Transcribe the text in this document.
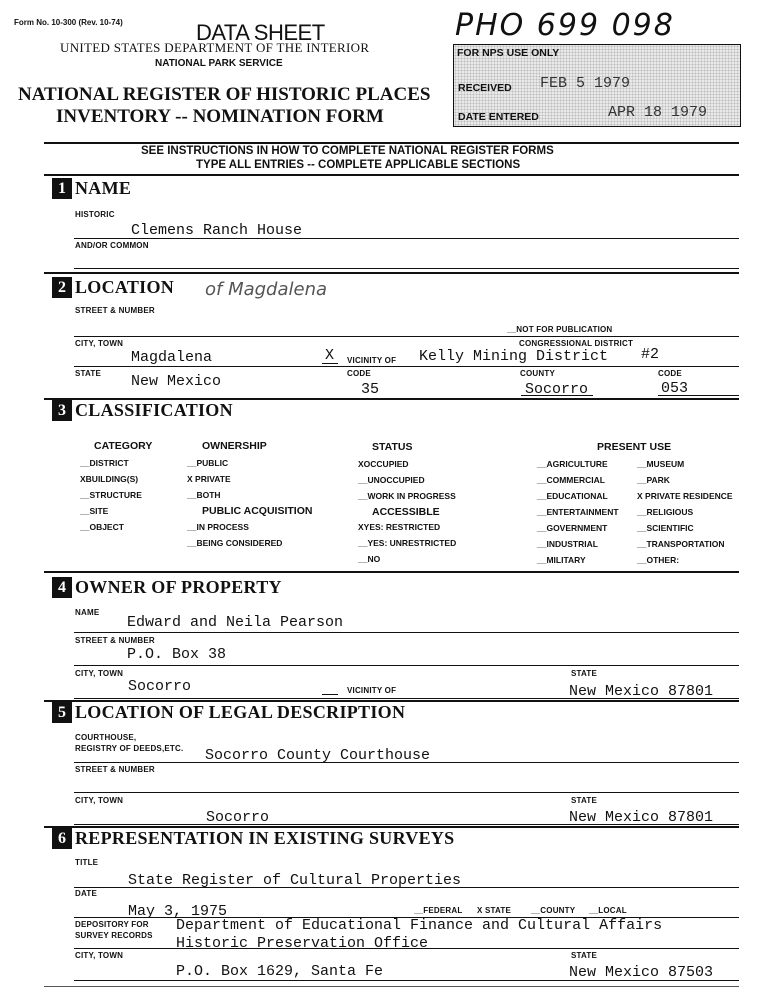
Form No. 10-300 (Rev. 10-74)	PHO 699 098
DATA SHEET
UNITED STATES DEPARTMENT OF THE INTERIOR
NATIONAL PARK SERVICE
NATIONAL REGISTER OF HISTORIC PLACES
INVENTORY -- NOMINATION FORM
FOR NPS USE ONLY
RECEIVED FEB 5 1979
DATE ENTERED	APR 18 1979
SEE INSTRUCTIONS IN HOW TO COMPLETE NATIONAL REGISTER FORMS
TYPE ALL ENTRIES -- COMPLETE APPLICABLE SECTIONS
1 NAME
HISTORIC
Clemens Ranch House
AND/OR COMMON
2 LOCATION of Magdalena
STREET & NUMBER
__NOT FOR PUBLICATION
CITY, TOWN	CONGRESSIONAL DISTRICT
Magdalena	X VICINITY OF Kelly Mining District #2
STATE	CODE	COUNTY	CODE
New Mexico	35	Socorro	053
3 CLASSIFICATION
CATEGORY
__DISTRICT
XBUILDING(S)
__STRUCTURE
__SITE
__OBJECT
OWNERSHIP
__PUBLIC
X PRIVATE
__BOTH
PUBLIC ACQUISITION
__IN PROCESS
__BEING CONSIDERED
STATUS
XOCCUPIED
__UNOCCUPIED
__WORK IN PROGRESS
ACCESSIBLE
XYES: RESTRICTED
__YES: UNRESTRICTED
__NO
PRESENT USE
__AGRICULTURE
__COMMERCIAL
__EDUCATIONAL
__ENTERTAINMENT
__GOVERNMENT
__INDUSTRIAL
__MILITARY
__MUSEUM
__PARK
X PRIVATE RESIDENCE
__RELIGIOUS
__SCIENTIFIC
__TRANSPORTATION
__OTHER:
4 OWNER OF PROPERTY
NAME
Edward and Neila Pearson
STREET & NUMBER
P.O. Box 38
CITY, TOWN	STATE
Socorro	VICINITY OF	New Mexico 87801
5 LOCATION OF LEGAL DESCRIPTION
COURTHOUSE,
REGISTRY OF DEEDS,ETC. Socorro County Courthouse
STREET & NUMBER
CITY, TOWN	STATE
Socorro	New Mexico 87801
6 REPRESENTATION IN EXISTING SURVEYS
TITLE
State Register of Cultural Properties
DATE
May 3, 1975	__FEDERAL X STATE	__COUNTY __LOCAL
DEPOSITORY FOR
SURVEY RECORDS
Department of Educational Finance and Cultural Affairs
Historic Preservation Office
CITY, TOWN	STATE
P.O. Box 1629, Santa Fe	New Mexico 87503
